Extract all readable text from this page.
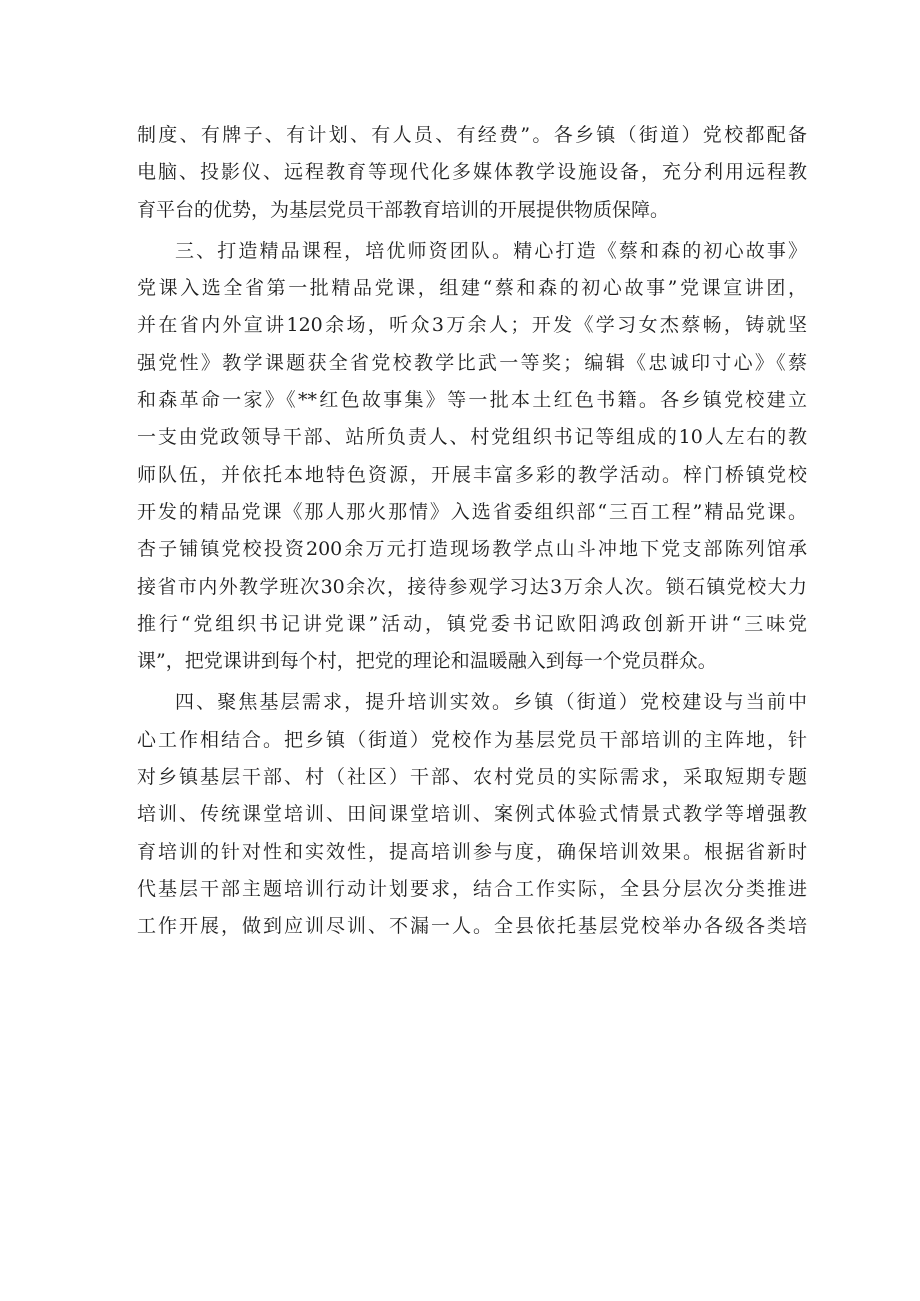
制度、有牌子、有计划、有人员、有经费”。各乡镇（街道）党校都配备
电脑、投影仪、远程教育等现代化多媒体教学设施设备，充分利用远程教
育平台的优势，为基层党员干部教育培训的开展提供物质保障。
三、打造精品课程，培优师资团队。精心打造《蔡和森的初心故事》
党课入选全省第一批精品党课，组建“蔡和森的初心故事”党课宣讲团，
并在省内外宣讲120余场，听众3万余人；开发《学习女杰蔡畅，铸就坚
强党性》教学课题获全省党校教学比武一等奖；编辑《忠诚印寸心》《蔡
和森革命一家》《**红色故事集》等一批本土红色书籍。各乡镇党校建立
一支由党政领导干部、站所负责人、村党组织书记等组成的10人左右的教
师队伍，并依托本地特色资源，开展丰富多彩的教学活动。梓门桥镇党校
开发的精品党课《那人那火那情》入选省委组织部“三百工程”精品党课。
杏子铺镇党校投资200余万元打造现场教学点山斗冲地下党支部陈列馆承
接省市内外教学班次30余次，接待参观学习达3万余人次。锁石镇党校大力
推行“党组织书记讲党课”活动，镇党委书记欧阳鸿政创新开讲“三味党
课”，把党课讲到每个村，把党的理论和温暖融入到每一个党员群众。
四、聚焦基层需求，提升培训实效。乡镇（街道）党校建设与当前中
心工作相结合。把乡镇（街道）党校作为基层党员干部培训的主阵地，针
对乡镇基层干部、村（社区）干部、农村党员的实际需求，采取短期专题
培训、传统课堂培训、田间课堂培训、案例式体验式情景式教学等增强教
育培训的针对性和实效性，提高培训参与度，确保培训效果。根据省新时
代基层干部主题培训行动计划要求，结合工作实际，全县分层次分类推进
工作开展，做到应训尽训、不漏一人。全县依托基层党校举办各级各类培
